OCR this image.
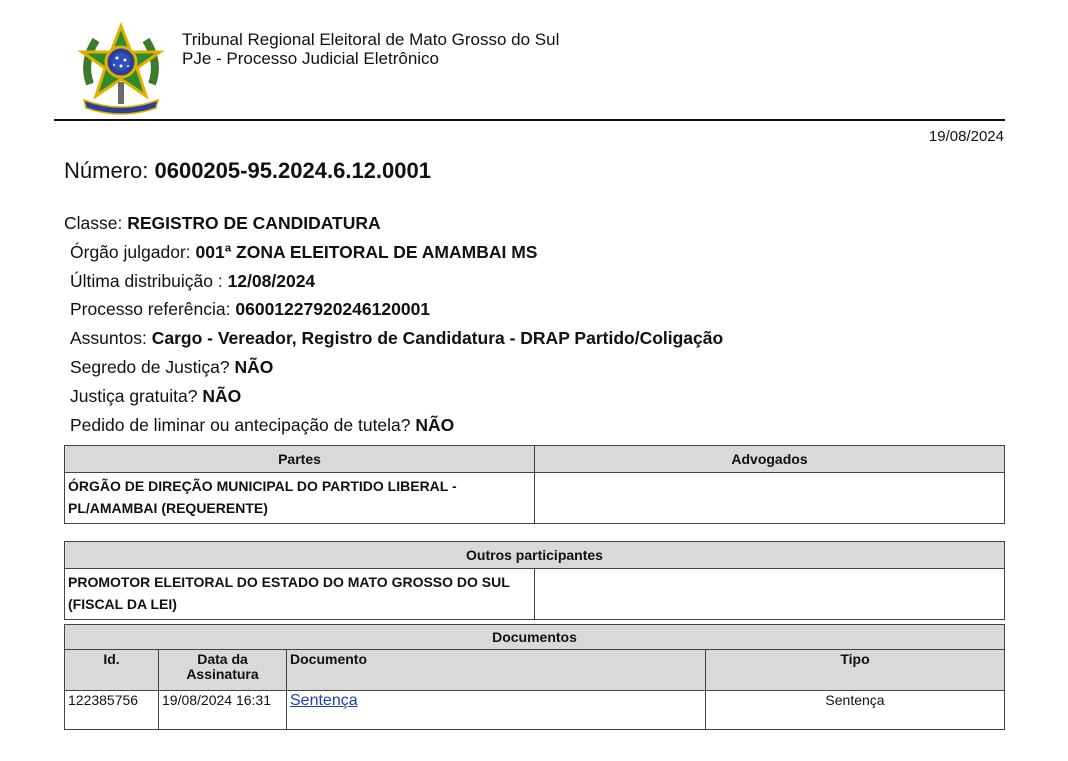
Tribunal Regional Eleitoral de Mato Grosso do Sul
PJe - Processo Judicial Eletrônico
19/08/2024
Número: 0600205-95.2024.6.12.0001
Classe: REGISTRO DE CANDIDATURA
Órgão julgador: 001ª ZONA ELEITORAL DE AMAMBAI MS
Última distribuição : 12/08/2024
Processo referência: 06001227920246120001
Assuntos: Cargo - Vereador, Registro de Candidatura - DRAP Partido/Coligação
Segredo de Justiça? NÃO
Justiça gratuita? NÃO
Pedido de liminar ou antecipação de tutela? NÃO
Partes	Advogados
ÓRGÃO DE DIREÇÃO MUNICIPAL DO PARTIDO LIBERAL - PL/AMAMBAI (REQUERENTE)	
Outros participantes
PROMOTOR ELEITORAL DO ESTADO DO MATO GROSSO DO SUL (FISCAL DA LEI)	
Documentos			
Id.	Data da Assinatura	Documento	Tipo
122385756	19/08/2024 16:31	Sentença	Sentença
